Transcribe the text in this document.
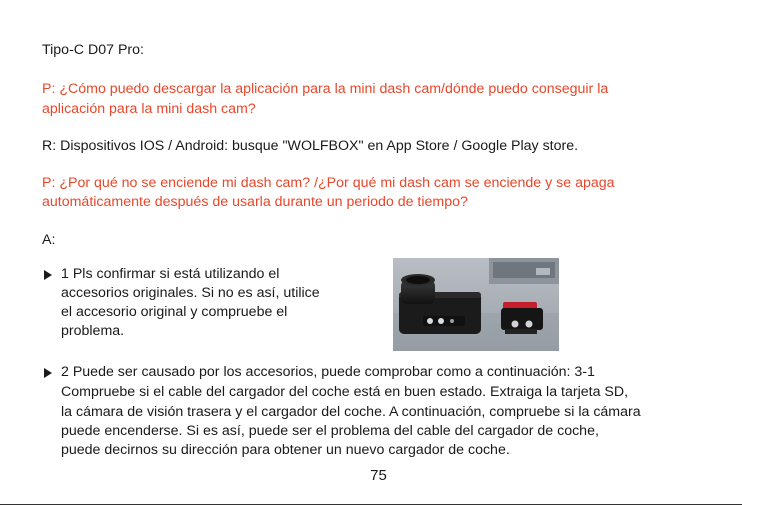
Tipo-C D07 Pro:
P: ¿Cómo puedo descargar la aplicación para la mini dash cam/dónde puedo conseguir la
aplicación para la mini dash cam?
R: Dispositivos IOS / Android: busque "WOLFBOX" en App Store / Google Play store.
P: ¿Por qué no se enciende mi dash cam? /¿Por qué mi dash cam se enciende y se apaga
automáticamente después de usarla durante un periodo de tiempo?
A:
1 Pls confirmar si está utilizando el
accesorios originales. Si no es así, utilice
el accesorio original y compruebe el
problema.
2 Puede ser causado por los accesorios, puede comprobar como a continuación: 3-1
Compruebe si el cable del cargador del coche está en buen estado. Extraiga la tarjeta SD,
la cámara de visión trasera y el cargador del coche. A continuación, compruebe si la cámara
puede encenderse. Si es así, puede ser el problema del cable del cargador de coche,
puede decirnos su dirección para obtener un nuevo cargador de coche.
75
